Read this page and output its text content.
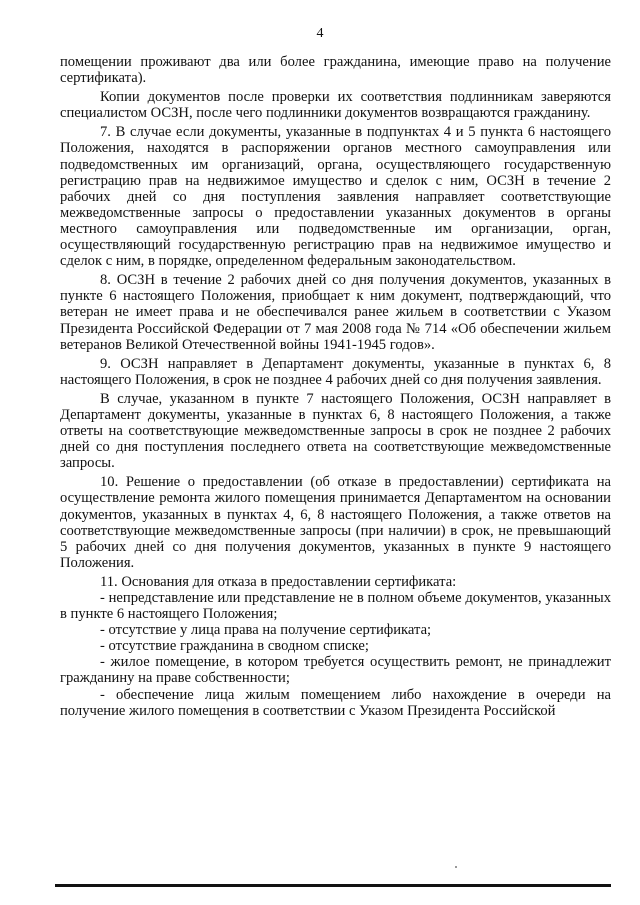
4

помещении проживают два или более гражданина, имеющие право на получение сертификата).

Копии документов после проверки их соответствия подлинникам заверяются специалистом ОСЗН, после чего подлинники документов возвращаются гражданину.

7. В случае если документы, указанные в подпунктах 4 и 5 пункта 6 настоящего Положения, находятся в распоряжении органов местного самоуправления или подведомственных им организаций, органа, осуществляющего государственную регистрацию прав на недвижимое имущество и сделок с ним, ОСЗН в течение 2 рабочих дней со дня поступления заявления направляет соответствующие межведомственные запросы о предоставлении указанных документов в органы местного самоуправления или подведомственные им организации, орган, осуществляющий государственную регистрацию прав на недвижимое имущество и сделок с ним, в порядке, определенном федеральным законодательством.

8. ОСЗН в течение 2 рабочих дней со дня получения документов, указанных в пункте 6 настоящего Положения, приобщает к ним документ, подтверждающий, что ветеран не имеет права и не обеспечивался ранее жильем в соответствии с Указом Президента Российской Федерации от 7 мая 2008 года № 714 «Об обеспечении жильем ветеранов Великой Отечественной войны 1941-1945 годов».

9. ОСЗН направляет в Департамент документы, указанные в пунктах 6, 8 настоящего Положения, в срок не позднее 4 рабочих дней со дня получения заявления.

В случае, указанном в пункте 7 настоящего Положения, ОСЗН направляет в Департамент документы, указанные в пунктах 6, 8 настоящего Положения, а также ответы на соответствующие межведомственные запросы в срок не позднее 2 рабочих дней со дня поступления последнего ответа на соответствующие межведомственные запросы.

10. Решение о предоставлении (об отказе в предоставлении) сертификата на осуществление ремонта жилого помещения принимается Департаментом на основании документов, указанных в пунктах 4, 6, 8 настоящего Положения, а также ответов на соответствующие межведомственные запросы (при наличии) в срок, не превышающий 5 рабочих дней со дня получения документов, указанных в пункте 9 настоящего Положения.

11. Основания для отказа в предоставлении сертификата:

- непредставление или представление не в полном объеме документов, указанных в пункте 6 настоящего Положения;

- отсутствие у лица права на получение сертификата;

- отсутствие гражданина в сводном списке;

- жилое помещение, в котором требуется осуществить ремонт, не принадлежит гражданину на праве собственности;

- обеспечение лица жилым помещением либо нахождение в очереди на получение жилого помещения в соответствии с Указом Президента Российской
